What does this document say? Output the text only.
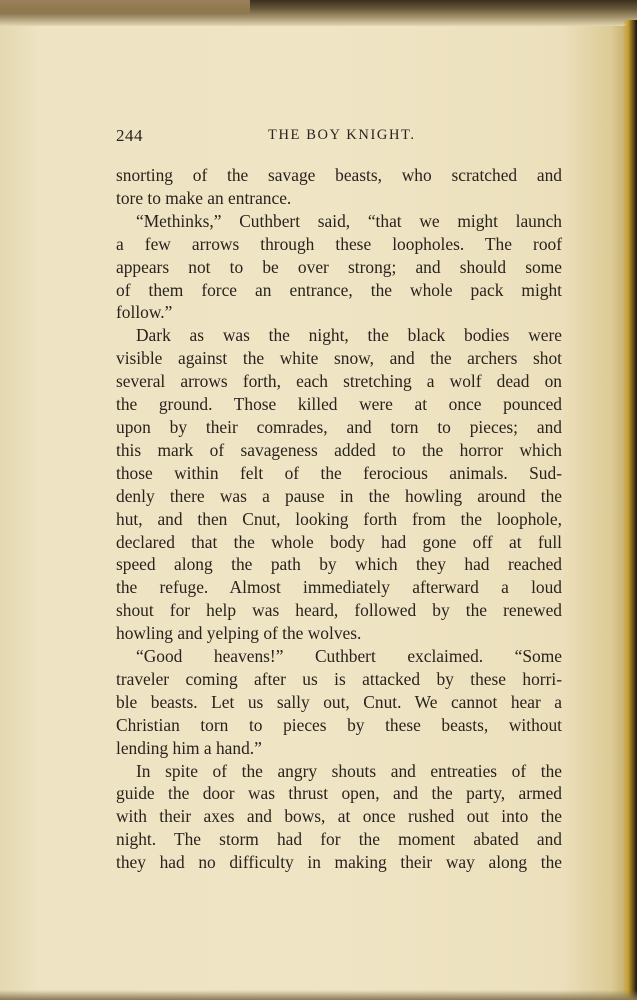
244	THE BOY KNIGHT.

snorting of the savage beasts, who scratched and

tore to make an entrance.

“Methinks,” Cuthbert said, “that we might launch

a few arrows through these loopholes. The roof

appears not to be over strong; and should some

of them force an entrance, the whole pack might

follow.”

Dark as was the night, the black bodies were

visible against the white snow, and the archers shot

several arrows forth, each stretching a wolf dead on

the ground. Those killed were at once pounced

upon by their comrades, and torn to pieces; and

this mark of savageness added to the horror which

those within felt of the ferocious animals. Sud-

denly there was a pause in the howling around the

hut, and then Cnut, looking forth from the loophole,

declared that the whole body had gone off at full

speed along the path by which they had reached

the refuge. Almost immediately afterward a loud

shout for help was heard, followed by the renewed

howling and yelping of the wolves.

“Good heavens!” Cuthbert exclaimed. “Some

traveler coming after us is attacked by these horri-

ble beasts. Let us sally out, Cnut. We cannot hear a

Christian torn to pieces by these beasts, without

lending him a hand.”

In spite of the angry shouts and entreaties of the

guide the door was thrust open, and the party, armed

with their axes and bows, at once rushed out into the

night. The storm had for the moment abated and

they had no difficulty in making their way along the
